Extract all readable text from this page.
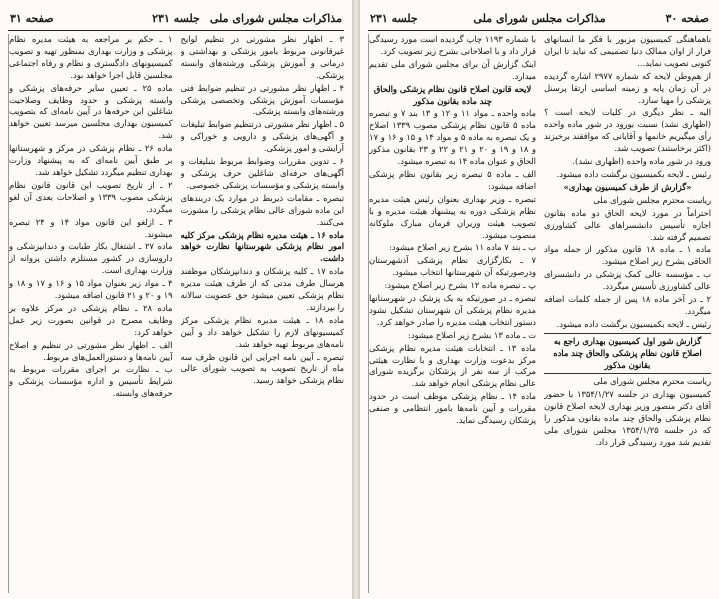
مذاکرات مجلس شورای ملی
جلسه ۲۳۱
صفحه ۳۱

۳ ـ اظهار نظر مشورتی در تنظیم لوایح غیرقانونی مربوط بامور پزشکی و بهداشتی و درمانی و آموزش پزشکی ورشته‌های وابسته پزشکی.

۴ ـ اظهار نظر مشورتی در تنظیم ضوابط فنی مؤسسات آموزش پزشکی وتخصصی پزشکی ورشته‌های وابسته پزشکی.

۵ ـ اظهار نظر مشورتی درتنظیم ضوابط تبلیغات و آگهی‌های پزشکی و دارویی و خوراکی و آرایشی و امور پزشکی.

۶ ـ تدوین مقررات وضوابط مربوط بتبلیغات و آگهی‌های حرفه‌ای شاغلین حرف پزشکی و وابسته پزشکی و مؤسسات پزشکی خصوصی.

تبصره ـ مقامات ذیربط در موارد یک دربندهای این ماده شورای عالی نظام پزشکی را مشورت می‌کنند.

ماده ۱۶ ـ هیئت مدیره نظام پزشکی مرکز کلیه امور نظام پزشکی شهرستانها نظارت خواهد داشت.

ماده ۱۷ ـ کلیه پزشکان و دندانپزشکان موظفند هرسال طرف مدتی که از طرف هیئت مدیره نظام پزشکی تعیین میشود حق عضویت سالانه را بپردازند.

ماده ۱۸ ـ هیئت مدیره نظام پزشکی مرکز کمیسیونهای لازم را تشکیل خواهد داد و آیین نامه‌های مربوط تهیه خواهد شد.

تبصره ـ آیین نامه اجرایی این قانون ظرف سه ماه از تاریخ تصویب به تصویب شورای عالی نظام پزشکی خواهد رسید.

۱ ـ حکم بر مراجعه به هیئت مدیره نظام پزشکی و وزارت بهداری بمنظور تهیه و تصویب کمیسیونهای دادگستری و نظام و رفاه اجتماعی مجلسین قابل اجرا خواهد بود.

ماده ۲۵ ـ تعیین سایر حرفه‌های پزشکی و وابسته پزشکی و حدود وظایف وصلاحیت شاغلین این حرفه‌ها در آیین نامه‌ای که بتصویب کمیسیون بهداری مجلسین میرسد تعیین خواهد شد.

ماده ۲۶ ـ نظام پزشکی در مرکز و شهرستانها بر طبق آیین نامه‌ای که به پیشنهاد وزارت بهداری تنظیم میگردد تشکیل خواهد شد.

۲ ـ از تاریخ تصویب این قانون قانون نظام پزشکی مصوب ۱۳۳۹ و اصلاحات بعدی آن لغو میگردد.

۳ ـ ازلغو این قانون مواد ۱۴ و ۲۴ تبصره میشوند.

ماده ۲۷ ـ اشتغال بکار طبابت و دندانپزشکی و داروسازی در کشور مستلزم داشتن پروانه از وزارت بهداری است.

۴ ـ مواد زیر بعنوان مواد ۱۵ و ۱۶ و ۱۷ و ۱۸ و ۱۹ و ۲۰ و ۲۱ قانون اضافه میشود.

ماده ۲۸ ـ نظام پزشکی در مرکز علاوه بر وظایف مصرح در قوانین بصورت زیر عمل خواهد کرد:

الف ـ اظهار نظر مشورتی در تنظیم و اصلاح آیین نامه‌ها و دستورالعمل‌های مربوط.

ب ـ نظارت بر اجرای مقررات مربوط به شرایط تأسیس و اداره مؤسسات پزشکی و حرفه‌های وابسته.

صفحه ۳۰
مذاکرات مجلس شورای ملی
جلسه ۲۳۱

ناهماهنگی کمیسیون مزبور با فکر ما انسانهای فرار از اوان ممالک دنیا تصمیمی که نباید تا ایران کنونی تصویب نماید...

از هم‌وطن لایحه که شماره ۲۹۷۷ اشاره گردیده در آن زمان پایه و زمینه اساسی ارتقا پرسنل پزشکی را مهیا سازد.

الیه ـ نظر دیگری در کلیات لایحه است ؟ (اظهاری نشد) نسبت بورود در شور ماده واحده رأی میگیریم خانمها و آقایانی که موافقند برخیزند (اکثر برخاستند) تصویب شد.

ورود در شور ماده واحده (اظهاری نشد).

رئیس ـ لایحه بکمیسیون برگشت داده میشود.

«گزارش از طرف کمیسیون بهداری»

ریاست محترم مجلس شورای ملی

احتراماً در مورد لایحه الحاق دو ماده بقانون اجازه تأسیس دانشسراهای عالی کشاورزی تصمیم گرفته شد.

ماده ۱ ـ ماده ۱۸ قانون مذکور از جمله مواد الحاقی بشرح زیر اصلاح میشود.

ب ـ مؤسسه عالی کمک پزشکی در دانشسرای عالی کشاورزی تأسیس میگردد.

۲ ـ در آخر ماده ۱۸ پس از جمله کلمات اضافه میگردد.

رئیس ـ لایحه بکمیسیون برگشت داده میشود.

گزارش شور اول کمیسیون بهداری راجع به اصلاح قانون نظام پزشکی والحاق چند ماده بقانون مذکور

ریاست محترم مجلس شورای ملی

کمیسیون بهداری در جلسه ۱۳۵۴/۱/۲۷ با حضور آقای دکتر منصور وزیر بهداری لایحه اصلاح قانون نظام پزشکی والحاق چند ماده بقانون مذکور را که در جلسه ۱۳۵۴/۱/۲۵ مجلس شورای ملی تقدیم شد مورد رسیدگی قرار داد.

با شماره ۱۱۹۳ چاپ گردیده است مورد رسیدگی قرار داد و با اصلاحاتی بشرح زیر تصویب کرد.

اینک گزارش آن برای مجلس شورای ملی تقدیم میدارد.

لایحه قانون اصلاح قانون نظام پزشکی والحاق چند ماده بقانون مذکور

ماده واحده ـ مواد ۱۱ و ۱۲ و ۱۳ بند ۷ و تبصره ماده ۵ قانون نظام پزشکی مصوب ۱۳۳۹ اصلاح و یک تبصره به ماده ۵ و مواد ۱۴ و ۱۵ و ۱۶ و ۱۷ و ۱۸ و ۱۹ و ۲۰ و ۲۱ و ۲۲ و ۲۳ بقانون مذکور الحاق و عنوان ماده ۱۴ به تبصره میشود.

الف ـ ماده ۵ تبصره زیر بقانون نظام پزشکی اضافه میشود:

تبصره ـ وزیر بهداری بعنوان رئیس هیئت مدیره نظام پزشکی دوره به پیشنهاد هیئت مدیره و با تصویب هیئت وزیران فرمان مبارک ملوکانه منصوب میشود.

ب ـ بند ۷ ماده ۱۱ بشرح زیر اصلاح میشود:

۷ ـ بکارگزاری نظام پزشکی آذشهرستان ودرصورتیکه آن شهرستانها انتخاب میشود.

پ ـ تبصره ماده ۱۲ بشرح زیر اصلاح میشود:

تبصره ـ در صورتیکه به یک پزشک در شهرستانها مدیره نظام پزشکی آن شهرستان تشکیل نشود دستور انتخاب هیئت مدیره را صادر خواهد کرد.

ت ـ ماده ۱۳ بشرح زیر اصلاح میشود:

ماده ۱۳ ـ انتخابات هیئت مدیره نظام پزشکی مرکز بدعوت وزارت بهداری و با نظارت هیئتی مرکب از سه نفر از پزشکان برگزیده شورای عالی نظام پزشکی انجام خواهد شد.

ماده ۱۴ ـ نظام پزشکی موظف است در حدود مقررات و آیین نامه‌ها بامور انتظامی و صنفی پزشکان رسیدگی نماید.
